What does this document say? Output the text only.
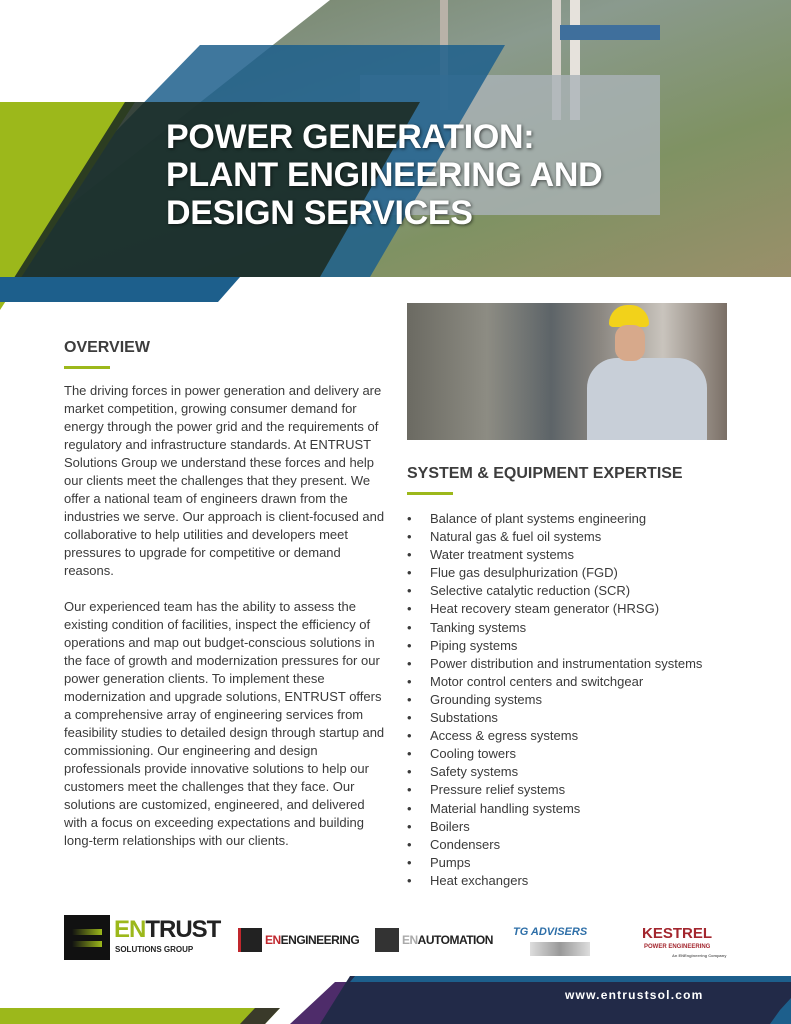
POWER GENERATION:
PLANT ENGINEERING AND
DESIGN SERVICES
OVERVIEW

The driving forces in power generation and delivery are market competition, growing consumer demand for energy through the power grid and the requirements of regulatory and infrastructure standards. At ENTRUST Solutions Group we understand these forces and help our clients meet the challenges that they present. We offer a national team of engineers drawn from the industries we serve. Our approach is client-focused and collaborative to help utilities and developers meet pressures to upgrade for competitive or demand reasons.

Our experienced team has the ability to assess the existing condition of facilities, inspect the efficiency of operations and map out budget-conscious solutions in the face of growth and modernization pressures for our power generation clients. To implement these modernization and upgrade solutions, ENTRUST offers a comprehensive array of engineering services from feasibility studies to detailed design through startup and commissioning. Our engineering and design professionals provide innovative solutions to help our customers meet the challenges that they face. Our solutions are customized, engineered, and delivered with a focus on exceeding expectations and building long-term relationships with our clients.

SYSTEM & EQUIPMENT EXPERTISE
• Balance of plant systems engineering
• Natural gas & fuel oil systems
• Water treatment systems
• Flue gas desulphurization (FGD)
• Selective catalytic reduction (SCR)
• Heat recovery steam generator (HRSG)
• Tanking systems
• Piping systems
• Power distribution and instrumentation systems
• Motor control centers and switchgear
• Grounding systems
• Substations
• Access & egress systems
• Cooling towers
• Safety systems
• Pressure relief systems
• Material handling systems
• Boilers
• Condensers
• Pumps
• Heat exchangers
ENTRUST
SOLUTIONS GROUP
ENENGINEERING	ENAUTOMATION
TG ADVISERS	KESTREL
POWER ENGINEERING
An ENEngineering Company
www.entrustsol.com
